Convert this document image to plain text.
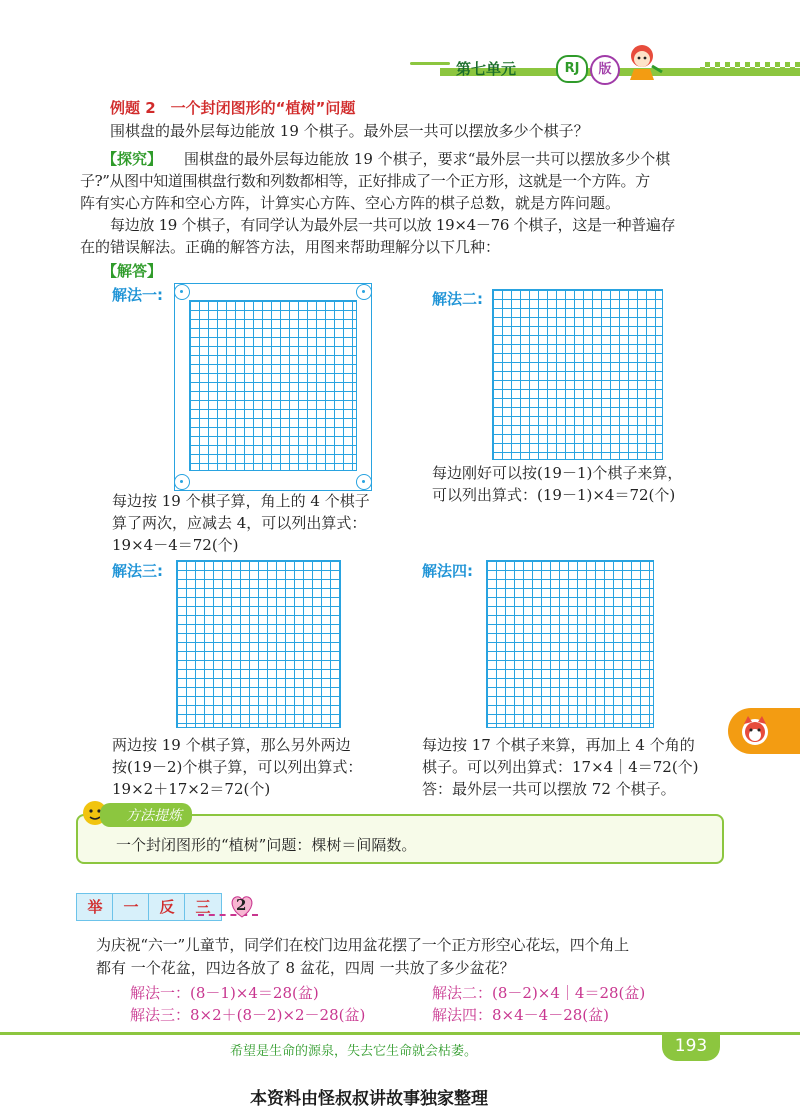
第七单元	RJ	版
例题 2　一个封闭图形的“植树”问题
围棋盘的最外层每边能放 19 个棋子。最外层一共可以摆放多少个棋子？
【探究】 围棋盘的最外层每边能放 19 个棋子，要求“最外层一共可以摆放多少个棋
子?”从图中知道围棋盘行数和列数都相等，正好排成了一个正方形，这就是一个方阵。方
阵有实心方阵和空心方阵，计算实心方阵、空心方阵的棋子总数，就是方阵问题。
每边放 19 个棋子，有同学认为最外层一共可以放 19×4－76 个棋子，这是一种普遍存
在的错误解法。正确的解答方法，用图来帮助理解分以下几种：
【解答】
解法一:
每边按 19 个棋子算，角上的 4 个棋子
算了两次，应减去 4，可以列出算式：
19×4－4＝72(个)
解法二:
每边刚好可以按(19－1)个棋子来算，
可以列出算式：(19－1)×4＝72(个)
解法三:
两边按 19 个棋子算，那么另外两边
按(19－2)个棋子算，可以列出算式：
19×2＋17×2＝72(个)
解法四:
每边按 17 个棋子来算，再加上 4 个角的
棋子。可以列出算式：17×4｜4＝72(个)
答：最外层一共可以摆放 72 个棋子。
方法提炼
一个封闭图形的“植树”问题：棵树＝间隔数。
举	一	反	三	2
为庆祝“六一”儿童节，同学们在校门边用盆花摆了一个正方形空心花坛，四个角上
都有 一个花盆，四边各放了 8 盆花，四周 一共放了多少盆花？
解法一：(8－1)×4＝28(盆)	解法二：(8－2)×4｜4＝28(盆)
解法三：8×2＋(8－2)×2－28(盆)	解法四：8×4－4－28(盆)
希望是生命的源泉，失去它生命就会枯萎。	193
本资料由怪叔叔讲故事独家整理
